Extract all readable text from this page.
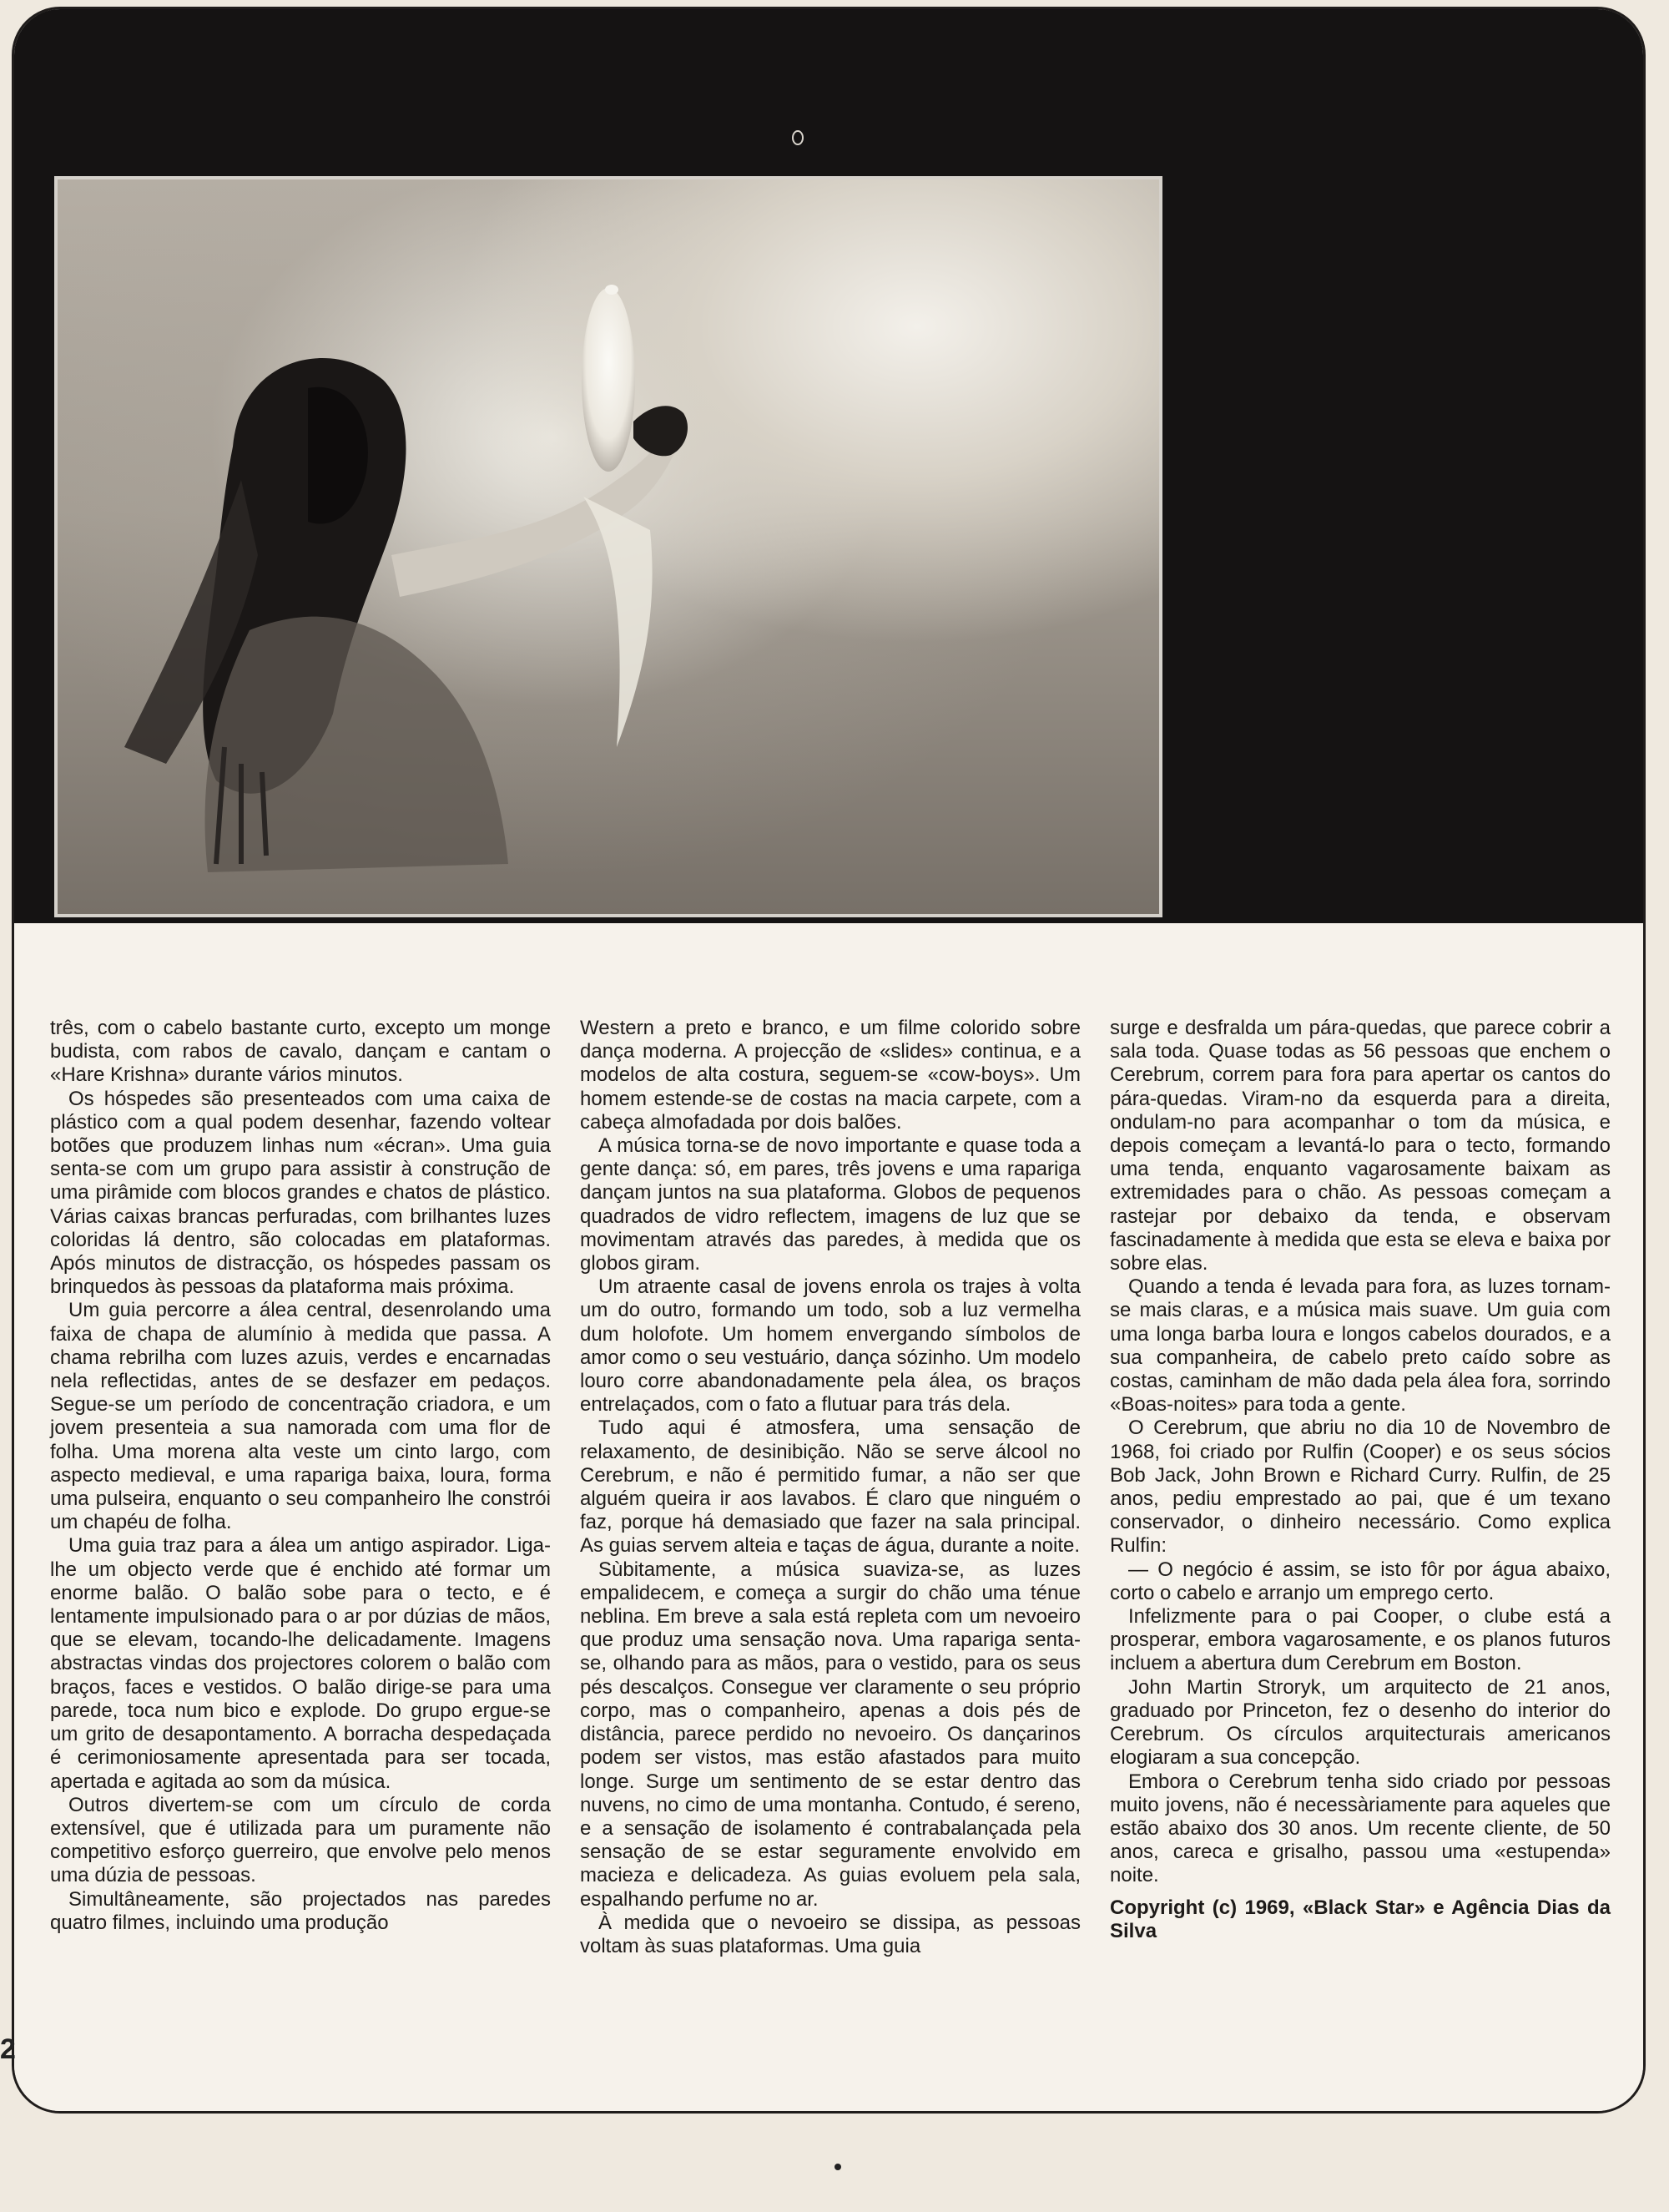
três, com o cabelo bastante curto, excepto um monge budista, com rabos de cavalo, dançam e cantam o «Hare Krishna» durante vários minutos.

Os hóspedes são presenteados com uma caixa de plástico com a qual podem desenhar, fazendo voltear botões que produzem linhas num «écran». Uma guia senta-se com um grupo para assistir à construção de uma pirâmide com blocos grandes e chatos de plástico. Várias caixas brancas perfuradas, com brilhantes luzes coloridas lá dentro, são colocadas em plataformas. Após minutos de distracção, os hóspedes passam os brinquedos às pessoas da plataforma mais próxima.

Um guia percorre a álea central, desenrolando uma faixa de chapa de alumínio à medida que passa. A chama rebrilha com luzes azuis, verdes e encarnadas nela reflectidas, antes de se desfazer em pedaços. Segue-se um período de concentração criadora, e um jovem presenteia a sua namorada com uma flor de folha. Uma morena alta veste um cinto largo, com aspecto medieval, e uma rapariga baixa, loura, forma uma pulseira, enquanto o seu companheiro lhe constrói um chapéu de folha.

Uma guia traz para a álea um antigo aspirador. Liga-lhe um objecto verde que é enchido até formar um enorme balão. O balão sobe para o tecto, e é lentamente impulsionado para o ar por dúzias de mãos, que se elevam, tocando-lhe delicadamente. Imagens abstractas vindas dos projectores colorem o balão com braços, faces e vestidos. O balão dirige-se para uma parede, toca num bico e explode. Do grupo ergue-se um grito de desapontamento. A borracha despedaçada é cerimoniosamente apresentada para ser tocada, apertada e agitada ao som da música.

Outros divertem-se com um círculo de corda extensível, que é utilizada para um puramente não competitivo esforço guerreiro, que envolve pelo menos uma dúzia de pessoas.

Simultâneamente, são projectados nas paredes quatro filmes, incluindo uma produção

Western a preto e branco, e um filme colorido sobre dança moderna. A projecção de «slides» continua, e a modelos de alta costura, seguem-se «cow-boys». Um homem estende-se de costas na macia carpete, com a cabeça almofadada por dois balões.

A música torna-se de novo importante e quase toda a gente dança: só, em pares, três jovens e uma rapariga dançam juntos na sua plataforma. Globos de pequenos quadrados de vidro reflectem, imagens de luz que se movimentam através das paredes, à medida que os globos giram.

Um atraente casal de jovens enrola os trajes à volta um do outro, formando um todo, sob a luz vermelha dum holofote. Um homem envergando símbolos de amor como o seu vestuário, dança sózinho. Um modelo louro corre abandonadamente pela álea, os braços entrelaçados, com o fato a flutuar para trás dela.

Tudo aqui é atmosfera, uma sensação de relaxamento, de desinibição. Não se serve álcool no Cerebrum, e não é permitido fumar, a não ser que alguém queira ir aos lavabos. É claro que ninguém o faz, porque há demasiado que fazer na sala principal. As guias servem alteia e taças de água, durante a noite.

Sùbitamente, a música suaviza-se, as luzes empalidecem, e começa a surgir do chão uma ténue neblina. Em breve a sala está repleta com um nevoeiro que produz uma sensação nova. Uma rapariga senta-se, olhando para as mãos, para o vestido, para os seus pés descalços. Consegue ver claramente o seu próprio corpo, mas o companheiro, apenas a dois pés de distância, parece perdido no nevoeiro. Os dançarinos podem ser vistos, mas estão afastados para muito longe. Surge um sentimento de se estar dentro das nuvens, no cimo de uma montanha. Contudo, é sereno, e a sensação de isolamento é contrabalançada pela sensação de se estar seguramente envolvido em macieza e delicadeza. As guias evoluem pela sala, espalhando perfume no ar.

À medida que o nevoeiro se dissipa, as pessoas voltam às suas plataformas. Uma guia

surge e desfralda um pára-quedas, que parece cobrir a sala toda. Quase todas as 56 pessoas que enchem o Cerebrum, correm para fora para apertar os cantos do pára-quedas. Viram-no da esquerda para a direita, ondulam-no para acompanhar o tom da música, e depois começam a levantá-lo para o tecto, formando uma tenda, enquanto vagarosamente baixam as extremidades para o chão. As pessoas começam a rastejar por debaixo da tenda, e observam fascinadamente à medida que esta se eleva e baixa por sobre elas.

Quando a tenda é levada para fora, as luzes tornam-se mais claras, e a música mais suave. Um guia com uma longa barba loura e longos cabelos dourados, e a sua companheira, de cabelo preto caído sobre as costas, caminham de mão dada pela álea fora, sorrindo «Boas-noites» para toda a gente.

O Cerebrum, que abriu no dia 10 de Novembro de 1968, foi criado por Rulfin (Cooper) e os seus sócios Bob Jack, John Brown e Richard Curry. Rulfin, de 25 anos, pediu emprestado ao pai, que é um texano conservador, o dinheiro necessário. Como explica Rulfin:

— O negócio é assim, se isto fôr por água abaixo, corto o cabelo e arranjo um emprego certo.

Infelizmente para o pai Cooper, o clube está a prosperar, embora vagarosamente, e os planos futuros incluem a abertura dum Cerebrum em Boston.

John Martin Stroryk, um arquitecto de 21 anos, graduado por Princeton, fez o desenho do interior do Cerebrum. Os círculos arquitecturais americanos elogiaram a sua concepção.

Embora o Cerebrum tenha sido criado por pessoas muito jovens, não é necessàriamente para aqueles que estão abaixo dos 30 anos. Um recente cliente, de 50 anos, careca e grisalho, passou uma «estupenda» noite.

Copyright (c) 1969, «Black Star» e Agência Dias da Silva

2
